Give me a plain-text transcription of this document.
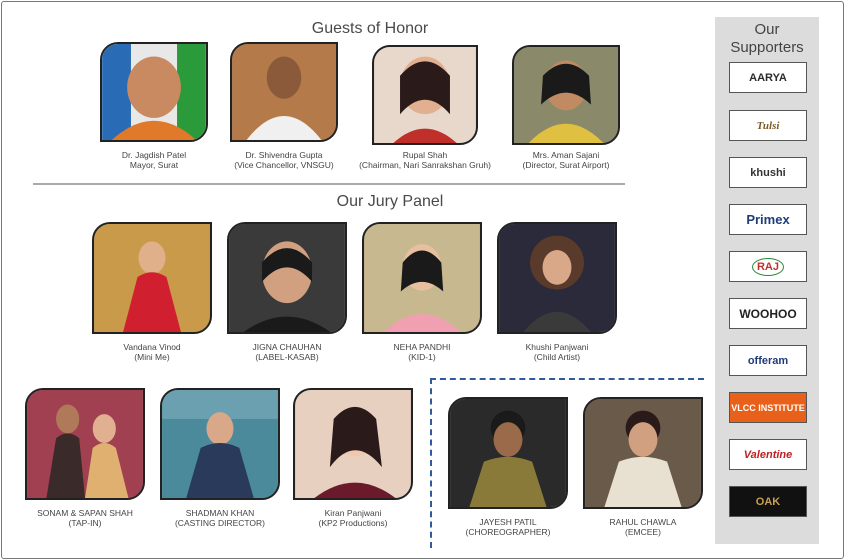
Guests of Honor
Dr. Jagdish Patel
Mayor, Surat
Dr. Shivendra Gupta
(Vice Chancellor, VNSGU)
Rupal Shah
(Chairman, Nari Sanrakshan Gruh)
Mrs. Aman Sajani
(Director, Surat Airport)
Our Jury Panel
Vandana Vinod
(Mini Me)
JIGNA CHAUHAN
(LABEL-KASAB)
NEHA PANDHI
(KID-1)
Khushi Panjwani
(Child Artist)
SONAM & SAPAN SHAH
(TAP-IN)
SHADMAN KHAN
(CASTING DIRECTOR)
Kiran Panjwani
(KP2 Productions)	JAYESH PATIL
(CHOREOGRAPHER)
RAHUL CHAWLA
(EMCEE)
Our
Supporters
AARYA
Tulsi
khushi
Primex
RAJ
WOOHOO
offeram
VLCC INSTITUTE
Valentine
OAK
